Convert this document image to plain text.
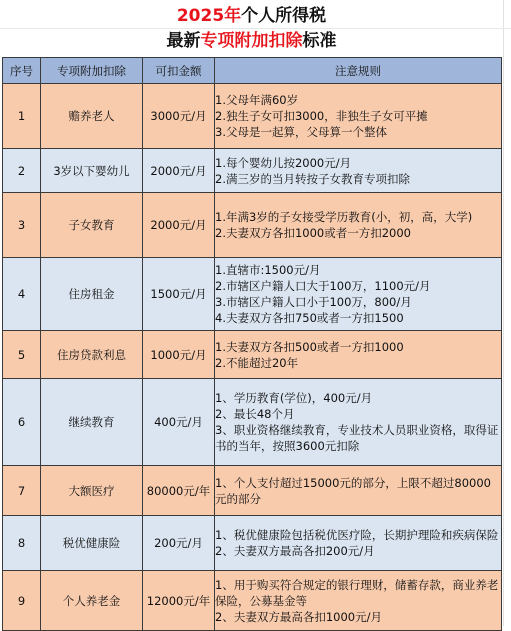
2025年个人所得税
最新专项附加扣除标准
序号	专项附加扣除	可扣金额	注意规则
1	赡养老人	3000元/月	1.父母年满60岁
2.独生子女可扣3000，非独生子女可平摊
3.父母是一起算，父母算一个整体

2	3岁以下婴幼儿	2000元/月	1.每个婴幼儿按2000元/月
2.满三岁的当月转按子女教育专项扣除

3	子女教育	2000元/月	1.年满3岁的子女接受学历教育(小，初，高，大学)
2.夫妻双方各扣1000或者一方扣2000

4	住房租金	1500元/月	1.直辖市:1500元/月
2.市辖区户籍人口大于100万，1100元/月
3.市辖区户籍人口小于100万，800/月
4.夫妻双方各扣750或者一方扣1500

5	住房贷款利息	1000元/月	1.夫妻双方各扣500或者一方扣1000
2.不能超过20年

6	继续教育	400元/月	1、学历教育(学位)，400元/月
2、最长48个月
3、职业资格继续教育，专业技术人员职业资格，取得证书的当年，按照3600元扣除

7	大额医疗	80000元/年	1、个人支付超过15000元的部分，上限不超过80000元的部分

8	税优健康险	200元/月	1、税优健康险包括税优医疗险，长期护理险和疾病保险
2、夫妻双方最高各扣200元/月

9	个人养老金	12000元/年	1、用于购买符合规定的银行理财，储蓄存款，商业养老保险，公募基金等
2、夫妻双方最高各扣1000元/月
